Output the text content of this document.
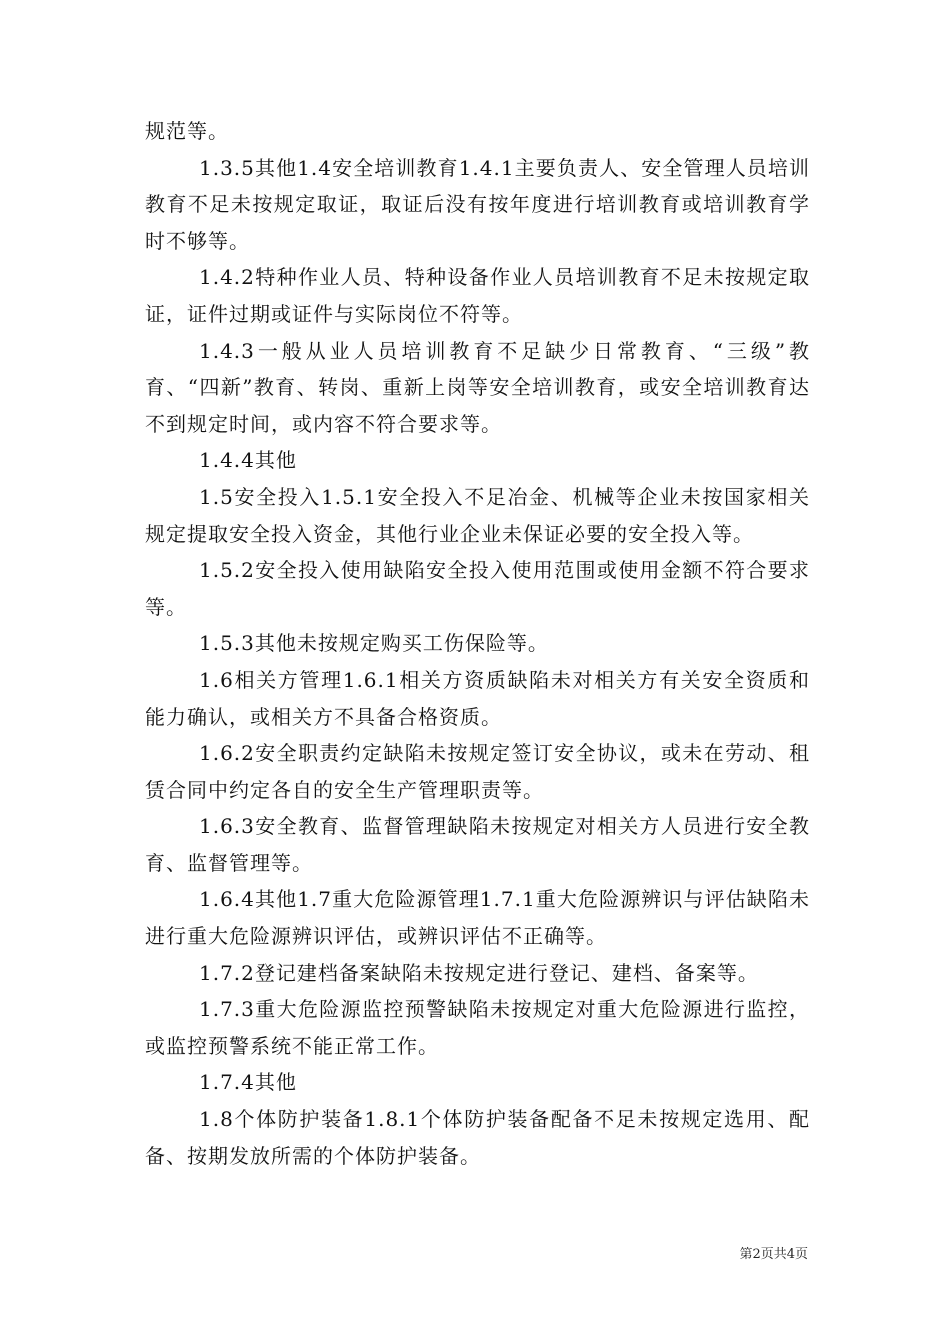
规范等。

1.3.5其他1.4安全培训教育1.4.1主要负责人、安全管理人员培训教育不足未按规定取证，取证后没有按年度进行培训教育或培训教育学时不够等。

1.4.2特种作业人员、特种设备作业人员培训教育不足未按规定取证，证件过期或证件与实际岗位不符等。

1.4.3一般从业人员培训教育不足缺少日常教育、“三级”教育、“四新”教育、转岗、重新上岗等安全培训教育，或安全培训教育达不到规定时间，或内容不符合要求等。

1.4.4其他

1.5安全投入1.5.1安全投入不足冶金、机械等企业未按国家相关规定提取安全投入资金，其他行业企业未保证必要的安全投入等。

1.5.2安全投入使用缺陷安全投入使用范围或使用金额不符合要求等。

1.5.3其他未按规定购买工伤保险等。

1.6相关方管理1.6.1相关方资质缺陷未对相关方有关安全资质和能力确认，或相关方不具备合格资质。

1.6.2安全职责约定缺陷未按规定签订安全协议，或未在劳动、租赁合同中约定各自的安全生产管理职责等。

1.6.3安全教育、监督管理缺陷未按规定对相关方人员进行安全教育、监督管理等。

1.6.4其他1.7重大危险源管理1.7.1重大危险源辨识与评估缺陷未进行重大危险源辨识评估，或辨识评估不正确等。

1.7.2登记建档备案缺陷未按规定进行登记、建档、备案等。

1.7.3重大危险源监控预警缺陷未按规定对重大危险源进行监控，或监控预警系统不能正常工作。

1.7.4其他

1.8个体防护装备1.8.1个体防护装备配备不足未按规定选用、配备、按期发放所需的个体防护装备。

第2页共4页
